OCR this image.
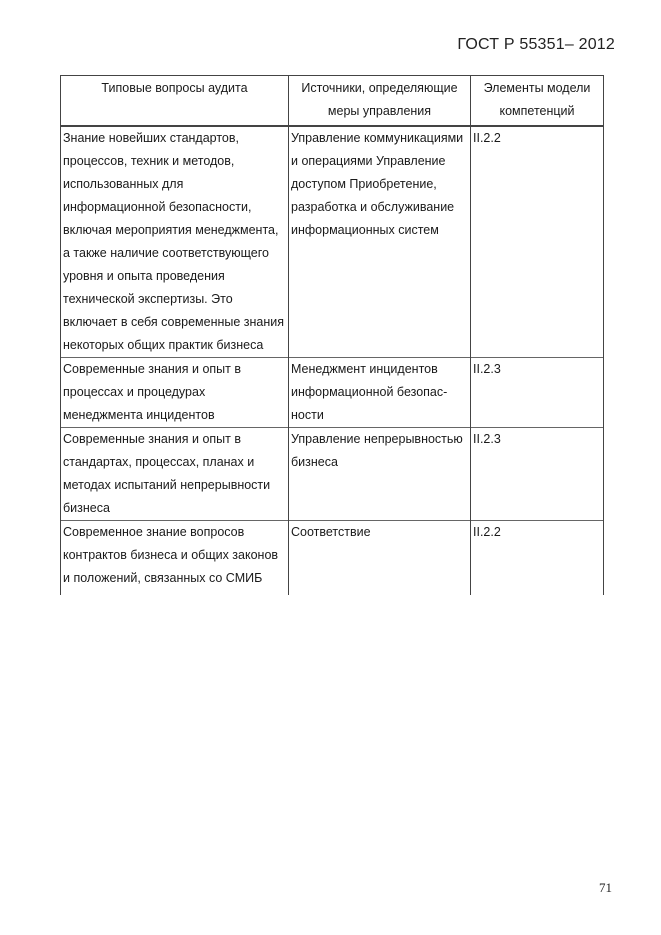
ГОСТ Р 55351– 2012
Типовые вопросы аудита	Источники, определяющие меры управления	Элементы модели компетенций
Знание новейших стандартов, процессов, техник и методов, использованных для информационной безопасности, включая мероприятия менеджмента, а также наличие соответствующего уровня и опыта проведения технической экспертизы. Это включает в себя современные знания некоторых общих практик бизнеса	Управление коммуникациями и операциями Управление доступом Приобретение, разработка и обслуживание информационных систем	II.2.2
Современные знания и опыт в процессах и процедурах менеджмента инцидентов	Менеджмент инцидентов информационной безопас-ности	II.2.3
Современные знания и опыт в стандартах, процессах, планах и методах испытаний непрерывности бизнеса	Управление непрерывностью бизнеса	II.2.3
Современное знание вопросов контрактов бизнеса и общих законов и положений, связанных со СМИБ	Соответствие	II.2.2
71
